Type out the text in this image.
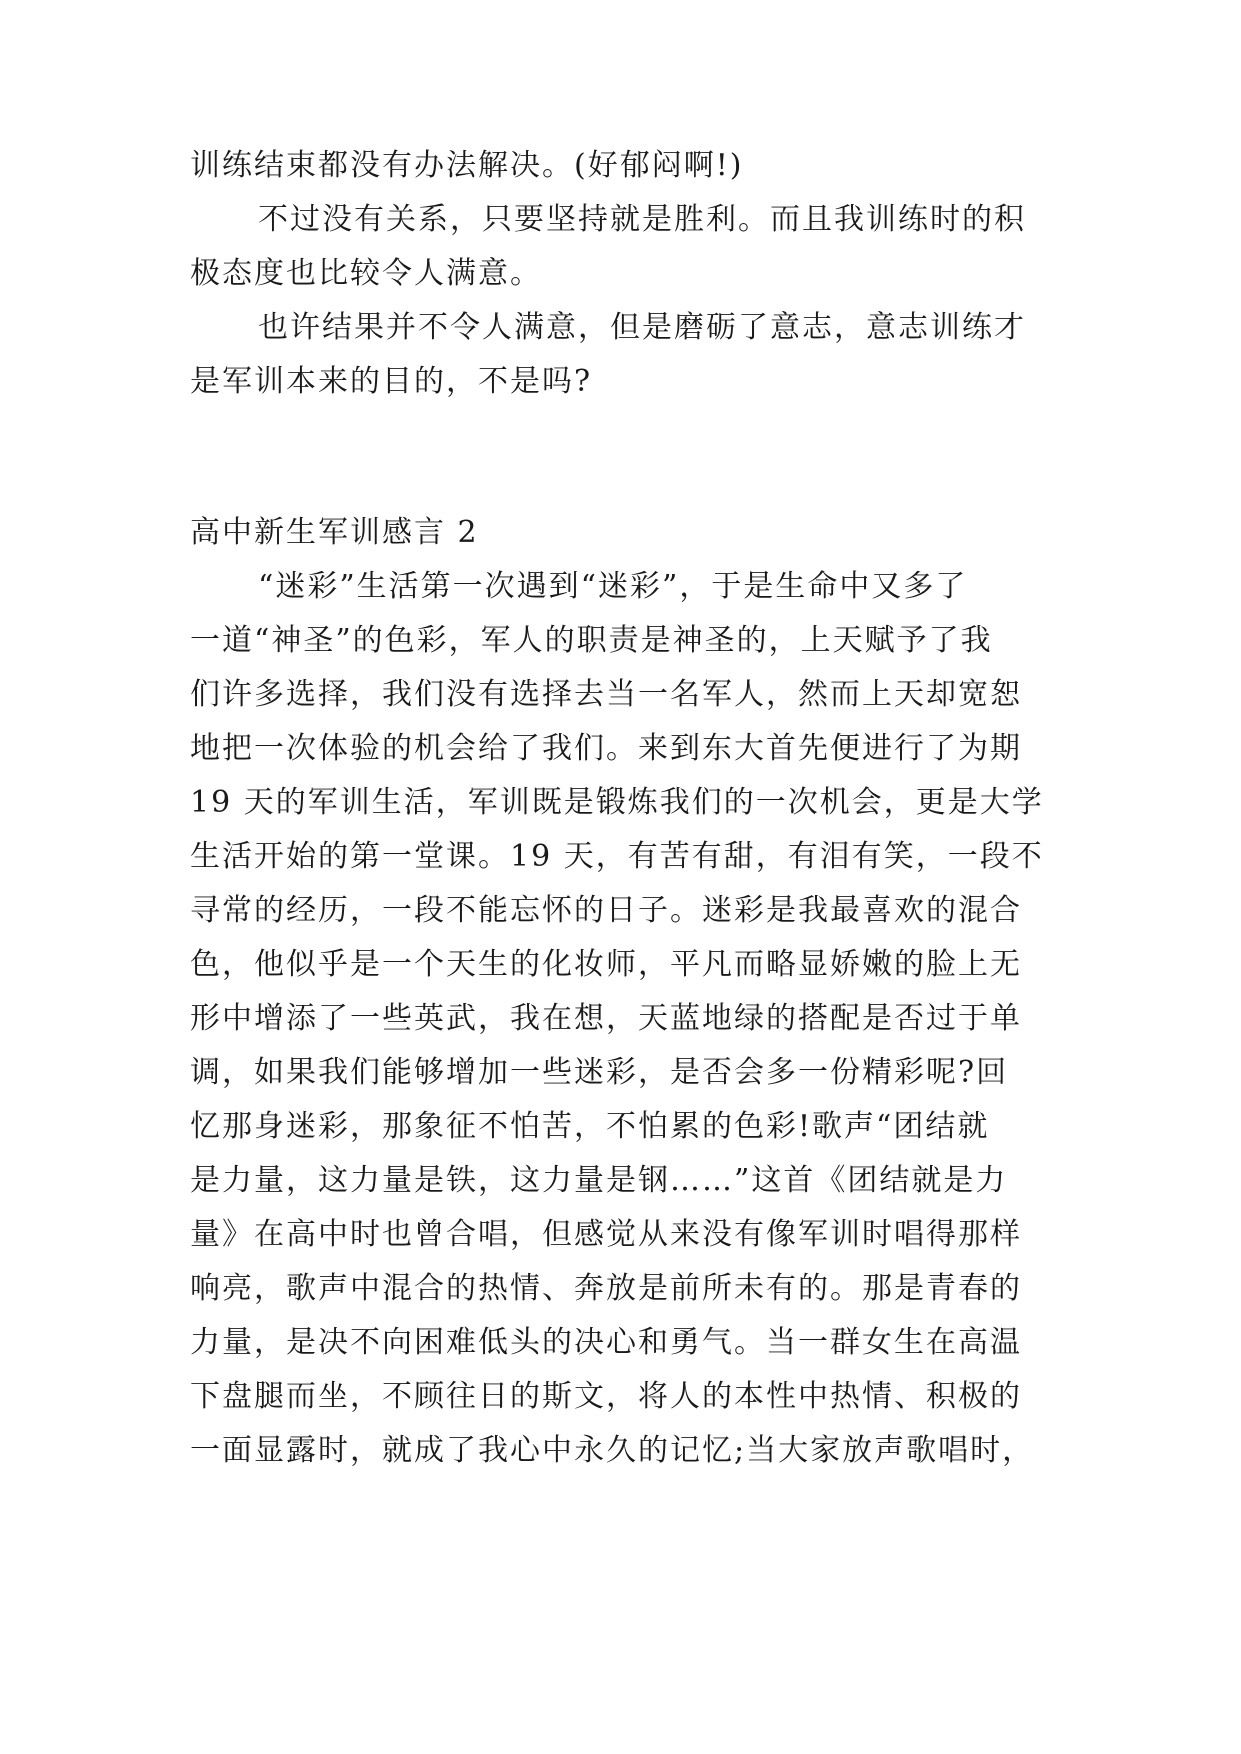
训练结束都没有办法解决。(好郁闷啊!)
不过没有关系，只要坚持就是胜利。而且我训练时的积
极态度也比较令人满意。
也许结果并不令人满意，但是磨砺了意志，意志训练才
是军训本来的目的，不是吗?
高中新生军训感言 2
“迷彩”生活第一次遇到“迷彩”，于是生命中又多了
一道“神圣”的色彩，军人的职责是神圣的，上天赋予了我
们许多选择，我们没有选择去当一名军人，然而上天却宽恕
地把一次体验的机会给了我们。来到东大首先便进行了为期
19 天的军训生活，军训既是锻炼我们的一次机会，更是大学
生活开始的第一堂课。19 天，有苦有甜，有泪有笑，一段不
寻常的经历，一段不能忘怀的日子。迷彩是我最喜欢的混合
色，他似乎是一个天生的化妆师，平凡而略显娇嫩的脸上无
形中增添了一些英武，我在想，天蓝地绿的搭配是否过于单
调，如果我们能够增加一些迷彩，是否会多一份精彩呢?回
忆那身迷彩，那象征不怕苦，不怕累的色彩!歌声“团结就
是力量，这力量是铁，这力量是钢……”这首《团结就是力
量》在高中时也曾合唱，但感觉从来没有像军训时唱得那样
响亮，歌声中混合的热情、奔放是前所未有的。那是青春的
力量，是决不向困难低头的决心和勇气。当一群女生在高温
下盘腿而坐，不顾往日的斯文，将人的本性中热情、积极的
一面显露时，就成了我心中永久的记忆;当大家放声歌唱时，
